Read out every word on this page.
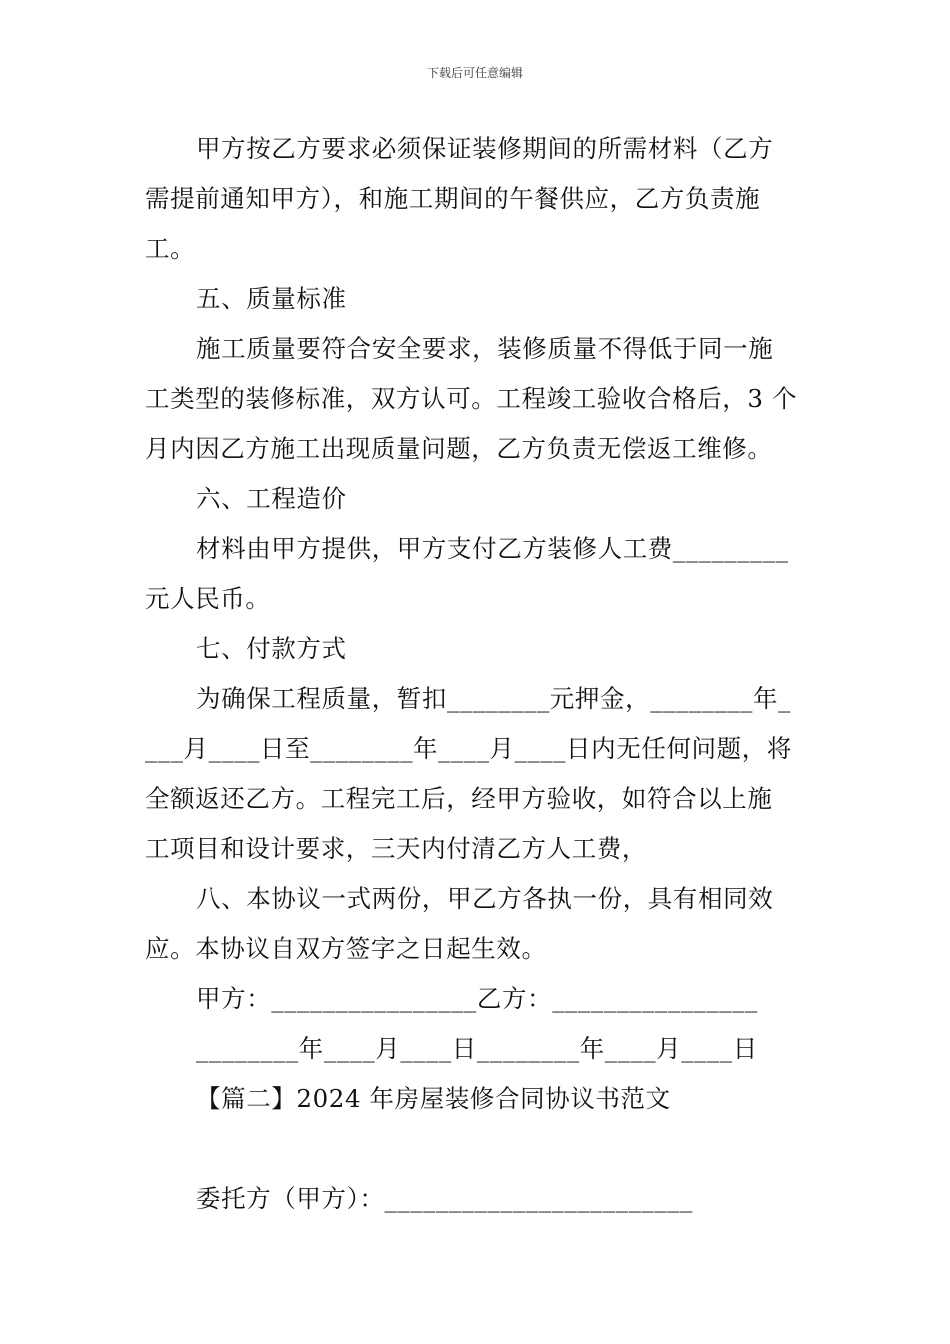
下载后可任意编辑
甲方按乙方要求必须保证装修期间的所需材料（乙方
需提前通知甲方），和施工期间的午餐供应，乙方负责施
工。
五、质量标准
施工质量要符合安全要求，装修质量不得低于同一施
工类型的装修标准，双方认可。工程竣工验收合格后，3 个
月内因乙方施工出现质量问题，乙方负责无偿返工维修。
六、工程造价
材料由甲方提供，甲方支付乙方装修人工费_________
元人民币。
七、付款方式
为确保工程质量，暂扣________元押金，________年_
___月____日至________年____月____日内无任何问题，将
全额返还乙方。工程完工后，经甲方验收，如符合以上施
工项目和设计要求，三天内付清乙方人工费，
八、本协议一式两份，甲乙方各执一份，具有相同效
应。本协议自双方签字之日起生效。
甲方：________________乙方：________________
________年____月____日________年____月____日
【篇二】2024 年房屋装修合同协议书范文
委托方（甲方）：________________________
